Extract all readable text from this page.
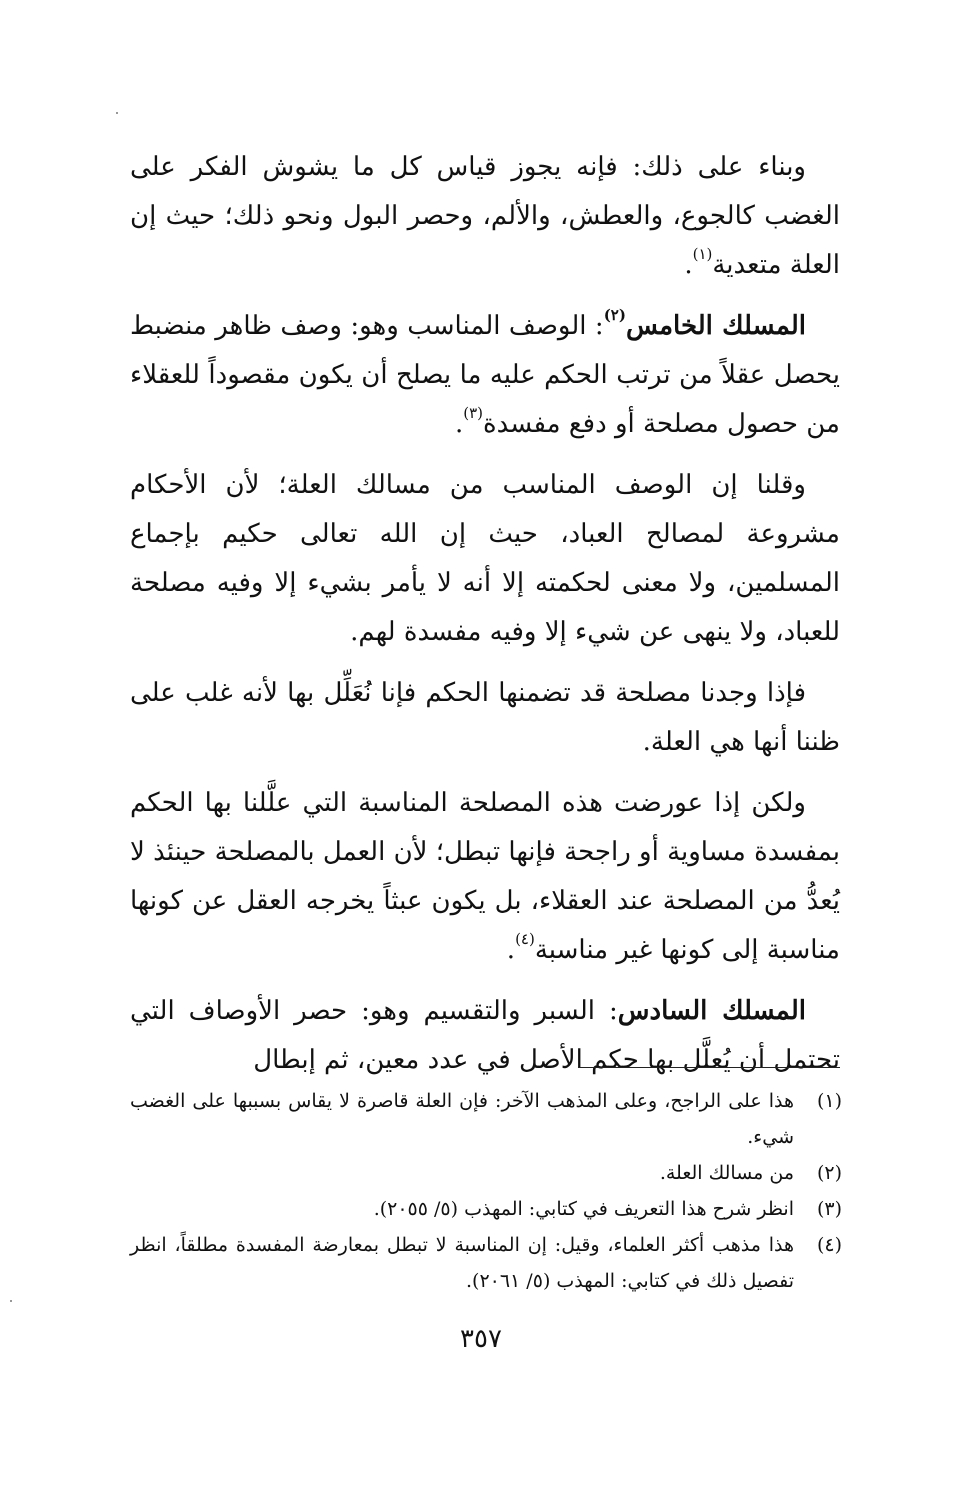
وبناء على ذلك: فإنه يجوز قياس كل ما يشوش الفكر على الغضب كالجوع، والعطش، والألم، وحصر البول ونحو ذلك؛ حيث إن العلة متعدية$^{(١)}$.

المسلك الخامس$^{(٢)}$: الوصف المناسب وهو: وصف ظاهر منضبط يحصل عقلاً من ترتب الحكم عليه ما يصلح أن يكون مقصوداً للعقلاء من حصول مصلحة أو دفع مفسدة$^{(٣)}$.

وقلنا إن الوصف المناسب من مسالك العلة؛ لأن الأحكام مشروعة لمصالح العباد، حيث إن الله تعالى حكيم بإجماع المسلمين، ولا معنى لحكمته إلا أنه لا يأمر بشيء إلا وفيه مصلحة للعباد، ولا ينهى عن شيء إلا وفيه مفسدة لهم.

فإذا وجدنا مصلحة قد تضمنها الحكم فإنا نُعَلِّل بها لأنه غلب على ظننا أنها هي العلة.

ولكن إذا عورضت هذه المصلحة المناسبة التي علَّلنا بها الحكم بمفسدة مساوية أو راجحة فإنها تبطل؛ لأن العمل بالمصلحة حينئذ لا يُعدُّ من المصلحة عند العقلاء، بل يكون عبثاً يخرجه العقل عن كونها مناسبة إلى كونها غير مناسبة$^{(٤)}$.

المسلك السادس: السبر والتقسيم وهو: حصر الأوصاف التي تحتمل أن يُعلَّل بها حكم الأصل في عدد معين، ثم إبطال

(١)
هذا على الراجح، وعلى المذهب الآخر: فإن العلة قاصرة لا يقاس بسببها على الغضب شيء.
(٢)
من مسالك العلة.
(٣)
انظر شرح هذا التعريف في كتابي: المهذب (٥/ ٢٠٥٥).
(٤)
هذا مذهب أكثر العلماء، وقيل: إن المناسبة لا تبطل بمعارضة المفسدة مطلقاً، انظر تفصيل ذلك في كتابي: المهذب (٥/ ٢٠٦١).
٣٥٧
